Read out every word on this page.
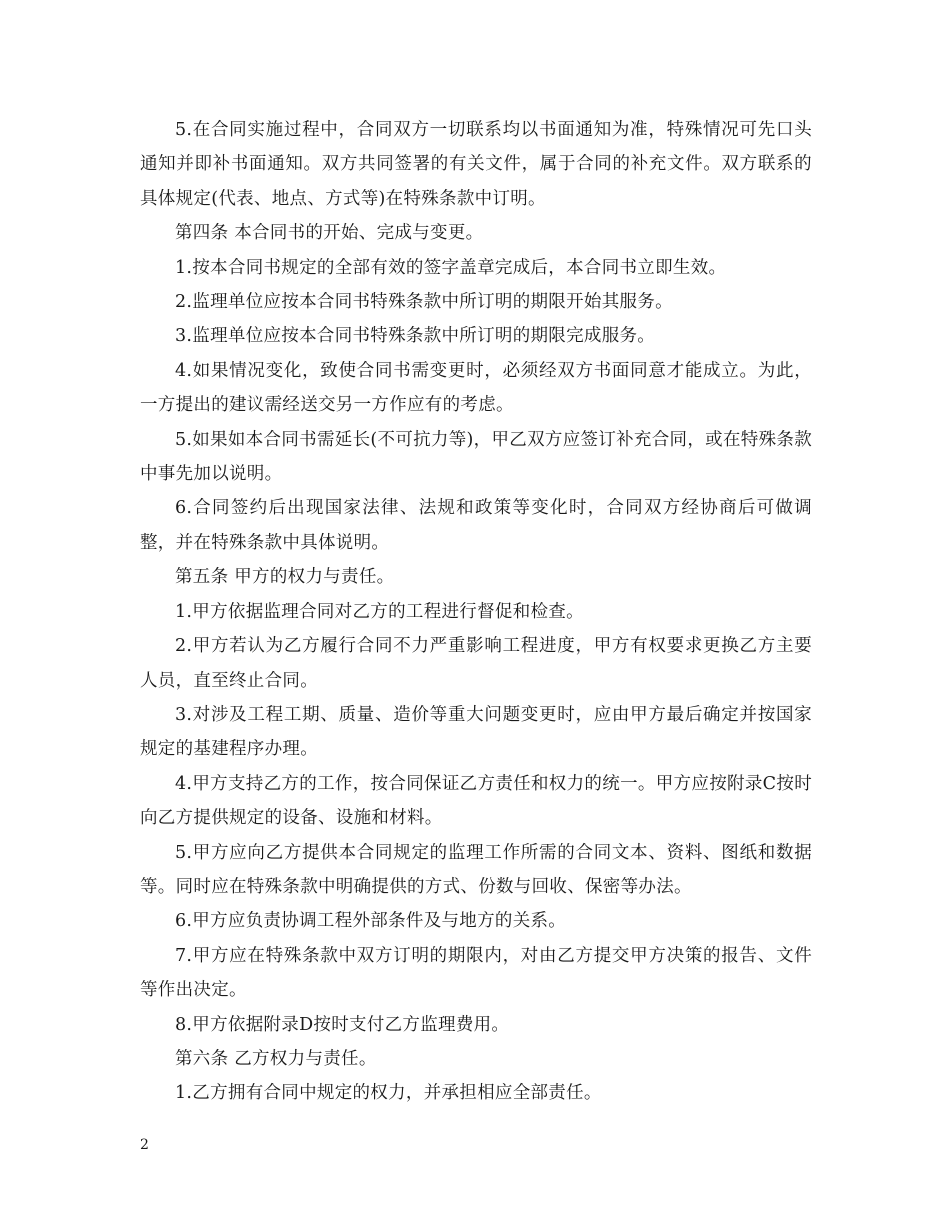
5.在合同实施过程中，合同双方一切联系均以书面通知为准，特殊情况可先口头通知并即补书面通知。双方共同签署的有关文件，属于合同的补充文件。双方联系的具体规定(代表、地点、方式等)在特殊条款中订明。

第四条 本合同书的开始、完成与变更。

1.按本合同书规定的全部有效的签字盖章完成后，本合同书立即生效。

2.监理单位应按本合同书特殊条款中所订明的期限开始其服务。

3.监理单位应按本合同书特殊条款中所订明的期限完成服务。

4.如果情况变化，致使合同书需变更时，必须经双方书面同意才能成立。为此，一方提出的建议需经送交另一方作应有的考虑。

5.如果如本合同书需延长(不可抗力等)，甲乙双方应签订补充合同，或在特殊条款中事先加以说明。

6.合同签约后出现国家法律、法规和政策等变化时，合同双方经协商后可做调整，并在特殊条款中具体说明。

第五条 甲方的权力与责任。

1.甲方依据监理合同对乙方的工程进行督促和检查。

2.甲方若认为乙方履行合同不力严重影响工程进度，甲方有权要求更换乙方主要人员，直至终止合同。

3.对涉及工程工期、质量、造价等重大问题变更时，应由甲方最后确定并按国家规定的基建程序办理。

4.甲方支持乙方的工作，按合同保证乙方责任和权力的统一。甲方应按附录C按时向乙方提供规定的设备、设施和材料。

5.甲方应向乙方提供本合同规定的监理工作所需的合同文本、资料、图纸和数据等。同时应在特殊条款中明确提供的方式、份数与回收、保密等办法。

6.甲方应负责协调工程外部条件及与地方的关系。

7.甲方应在特殊条款中双方订明的期限内，对由乙方提交甲方决策的报告、文件等作出决定。

8.甲方依据附录D按时支付乙方监理费用。

第六条 乙方权力与责任。

1.乙方拥有合同中规定的权力，并承担相应全部责任。

2
